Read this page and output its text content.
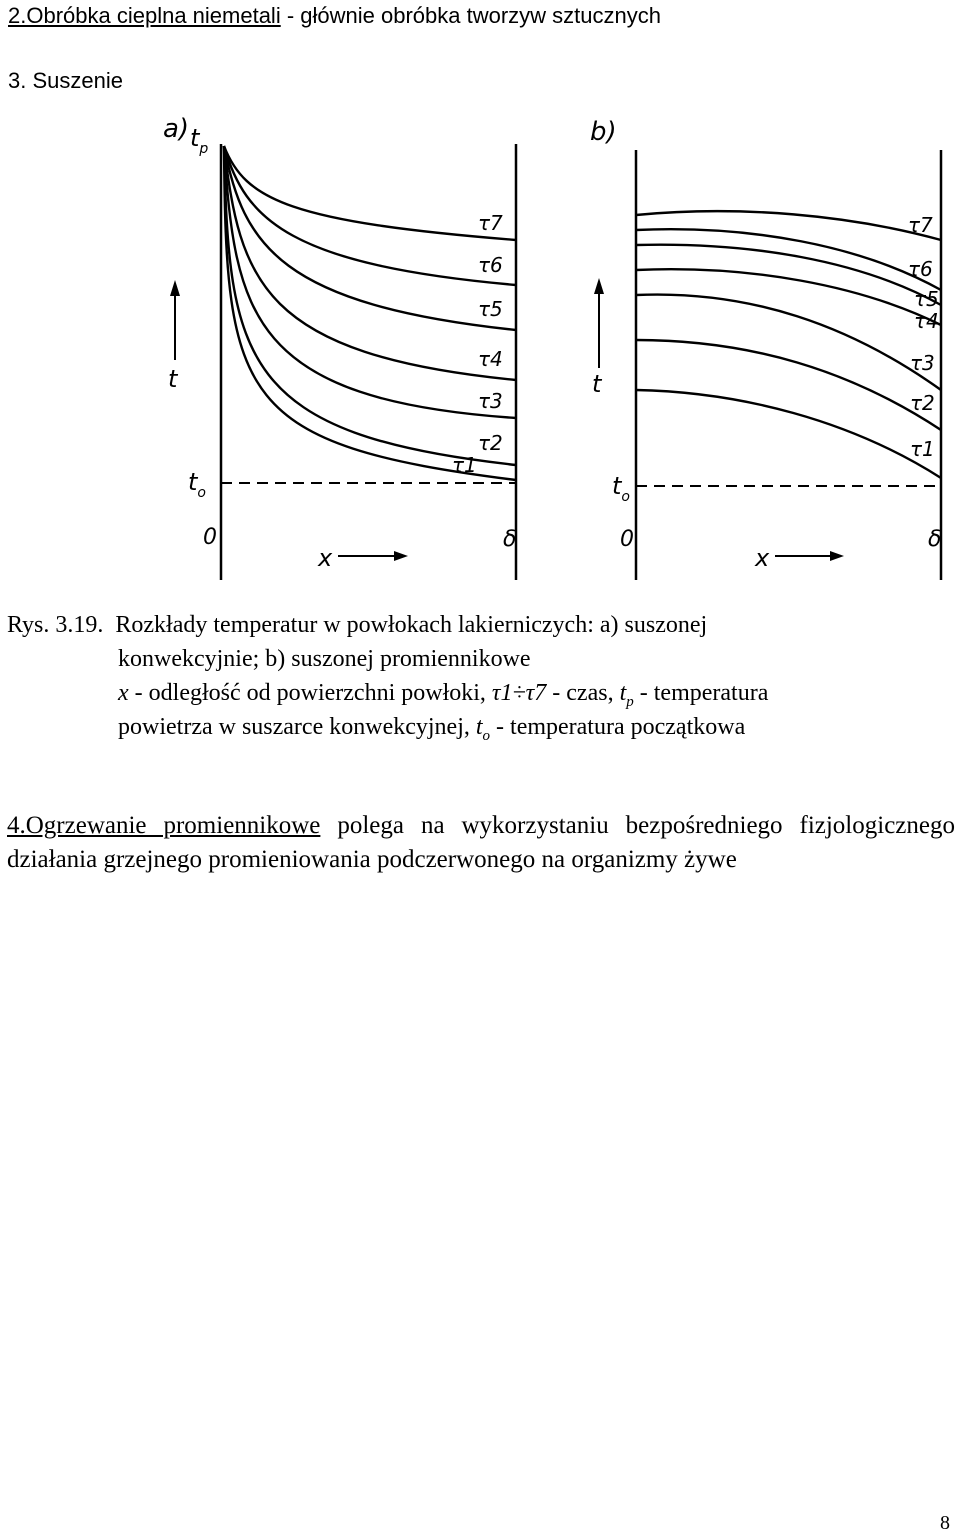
2.Obróbka cieplna niemetali - głównie obróbka tworzyw sztucznych
3. Suszenie
a) $t_p$
t
$t_o$
0	δ
x
τ7
τ6
τ5
τ4
τ3
τ2
τ1
b)
t
$t_o$
0	δ
x
τ7
τ6
τ5
τ4
τ3
τ2
τ1
Rys. 3.19. Rozkłady temperatur w powłokach lakierniczych: a) suszonej
konwekcyjnie; b) suszonej promiennikowe
x - odległość od powierzchni powłoki, τ1÷τ7 - czas, $t_p$ - temperatura
powietrza w suszarce konwekcyjnej, $t_o$ - temperatura początkowa
4.Ogrzewanie promiennikowe polega na wykorzystaniu bezpośredniego fizjologicznego działania grzejnego promieniowania podczerwonego na organizmy żywe
8
